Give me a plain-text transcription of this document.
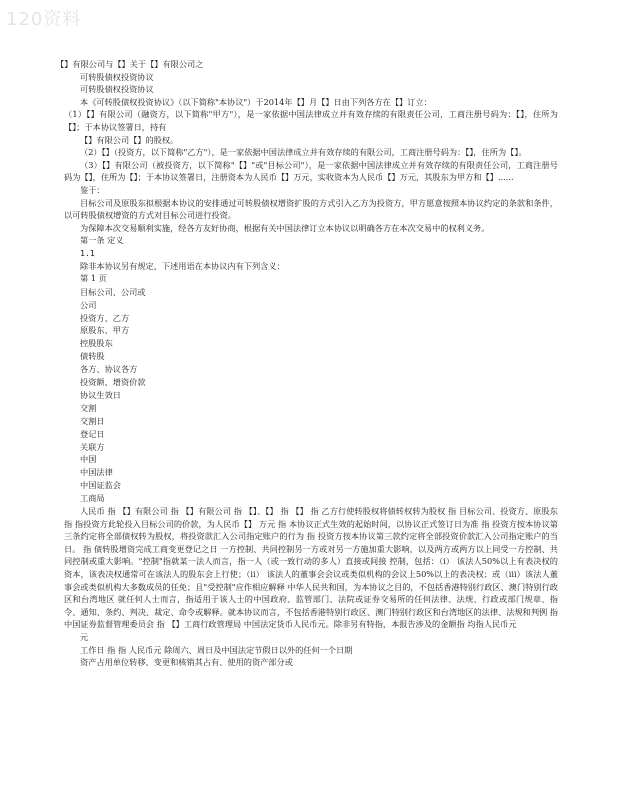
120资料
【】有限公司与【】关于【】有限公司之
可转股债权投资协议
可转股债权投资协议
本《可转股债权投资协议》（以下简称"本协议"）于2014年【】月【】日由下列各方在【】订立：
（1）【】有限公司（融资方，以下简称"甲方"），是一家依据中国法律成立并有效存续的有限责任公司，工商注册号码为：【】，住所为【】；于本协议签署日，持有
【】有限公司【】的股权。
（2）【】（投资方，以下简称"乙方"），是一家依据中国法律成立并有效存续的有限公司，工商注册号码为：【】，住所为【】。
（3）【】有限公司（被投资方，以下简称"【】"或"目标公司"），是一家依据中国法律成立并有效存续的有限责任公司，工商注册号码为【】，住所为【】；于本协议签署日，注册资本为人民币【】万元，实收资本为人民币【】万元，其股东为甲方和【】......
鉴于：
目标公司及原股东拟根据本协议的安排通过可转股债权增资扩股的方式引入乙方为投资方，甲方愿意按照本协议约定的条款和条件，以可转股债权增资的方式对目标公司进行投资。
为保障本次交易顺利实施，经各方友好协商，根据有关中国法律订立本协议以明确各方在本次交易中的权利义务。
第一条 定义
1.1
除非本协议另有规定，下述用语在本协议内有下列含义：
第 1 页
目标公司、公司或
公司
投资方、乙方
原股东、甲方
控股股东
债转股
各方、协议各方
投资额、增资价款
协议生效日
交割
交割日
登记日
关联方
中国
中国法律
中国证监会
工商局
人民币 指 【】有限公司 指 【】有限公司 指 【】、【】 指 【】 指 乙方行使转股权将债转权转为股权 指 目标公司、投资方、原股东 指 指投资方此轮投入目标公司的价款，为人民币【】 万元 指 本协议正式生效的起始时间，以协议正式签订日为准 指 投资方按本协议第三条约定将全部债权转为股权，将投资款汇入公司指定账户的行为 指 投资方按本协议第三款约定将全部投资价款汇入公司指定账户的当日。 指 债转股增资完成工商变更登记之日 一方控制、共同控制另一方或对另一方施加重大影响，以及两方或两方以上同受一方控制、共同控制或重大影响。"控制"指就某一法人而言，指一人（或一致行动的多人）直接或间接 控制，包括：（i） 该法人50%以上有表决权的资本，该表决权通常可在该法人的股东会上行使；（ii） 该法人的董事会会议或类似机构的会议上50%以上的表决权；或（iii）该法人董事会或类似机构大多数成员的任免；且"受控制"应作相应解释 中华人民共和国，为本协议之目的，不包括香港特别行政区、澳门特别行政区和台湾地区 就任何人士而言，指适用于该人士的中国政府、监管部门、法院或证券交易所的任何法律、法规、行政或部门规章、指 令、通知、条约、判决、裁定、命令或解释。就本协议而言，不包括香港特别行政区、澳门特别行政区和台湾地区的法律、法规和判例 指 中国证券监督管理委员会 指 【】工商行政管理局 中国法定货币人民币元。除非另有特指，本报告涉及的金额指 均指人民币元
元
工作日 指 指 人民币元 除周六、周日及中国法定节假日以外的任何一个日期
资产占用单位转移、变更和核销其占有、使用的资产部分或
